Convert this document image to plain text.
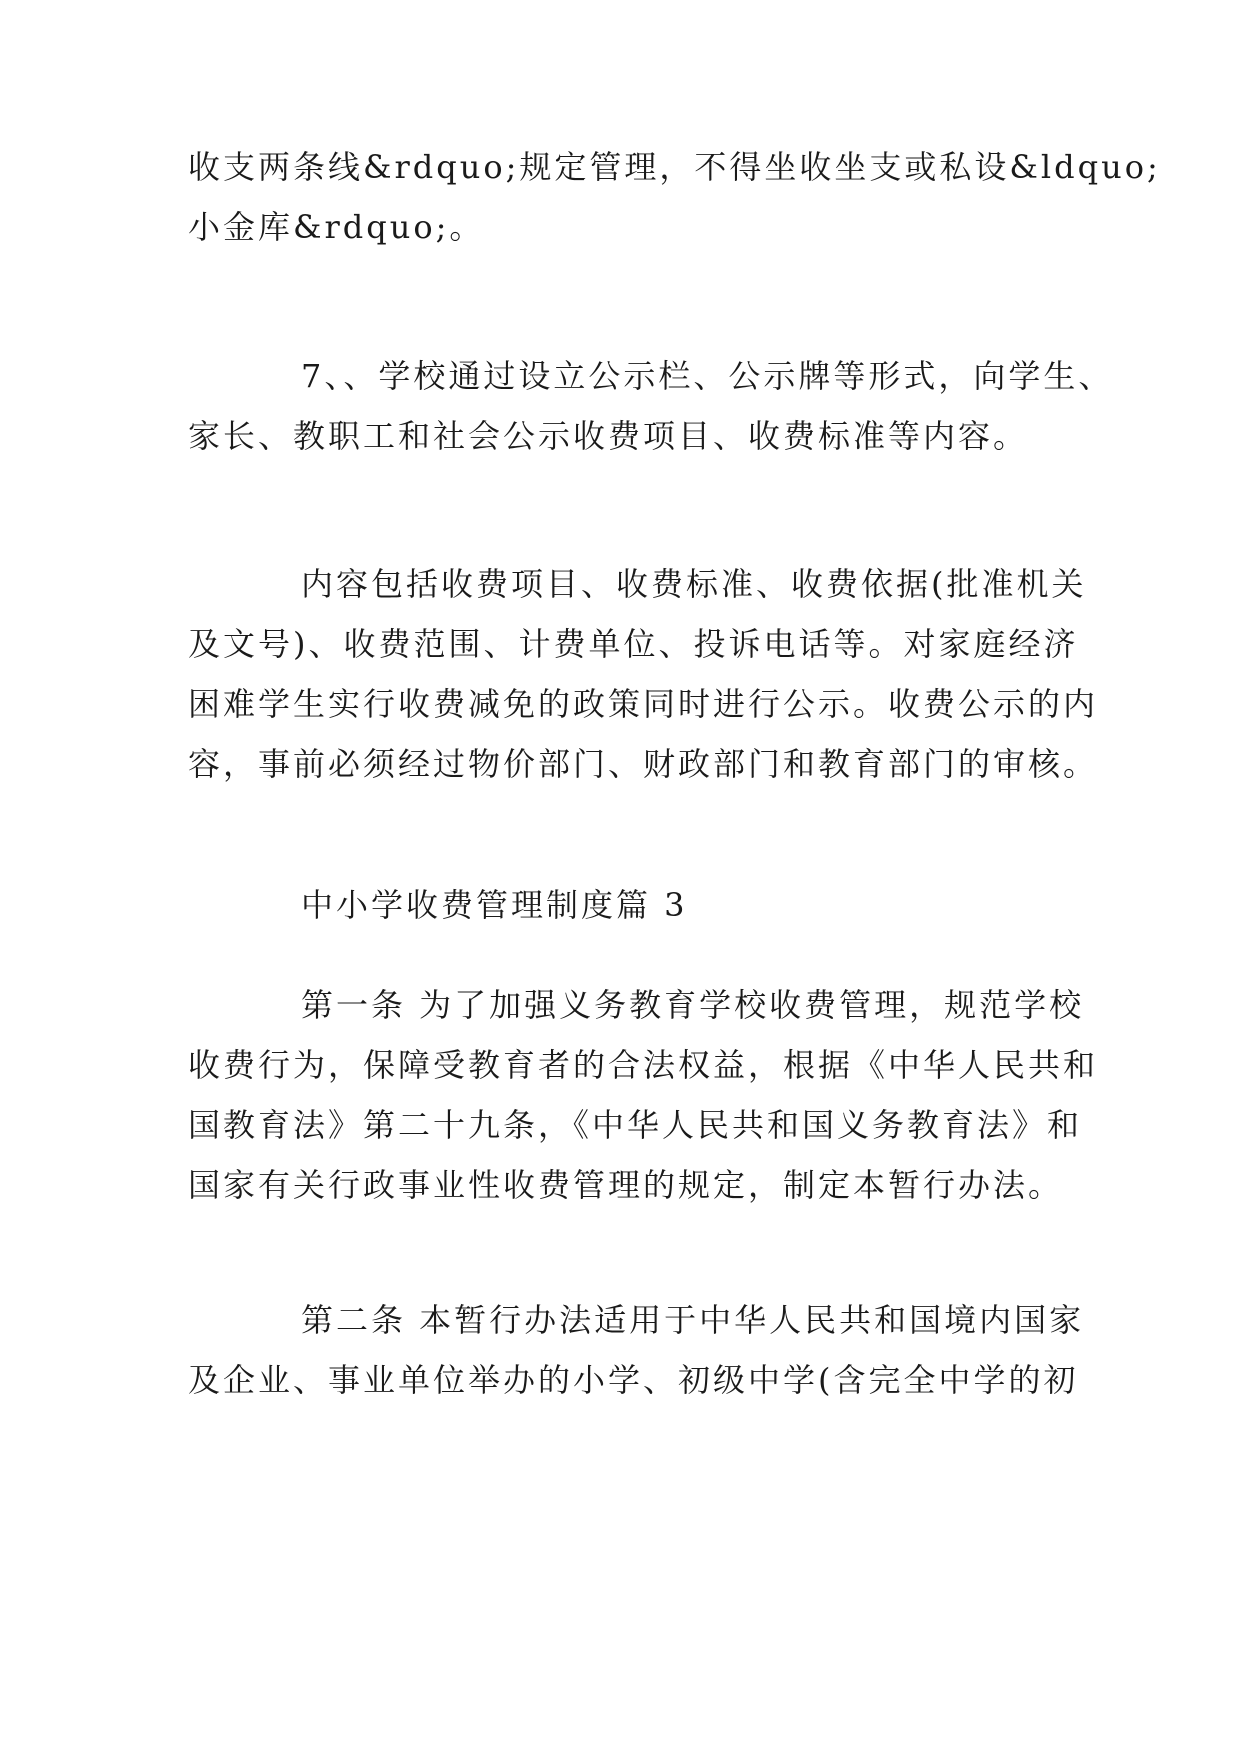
收支两条线&rdquo;规定管理，不得坐收坐支或私设&ldquo;
小金库&rdquo;。
7、、学校通过设立公示栏、公示牌等形式，向学生、
家长、教职工和社会公示收费项目、收费标准等内容。
内容包括收费项目、收费标准、收费依据(批准机关
及文号)、收费范围、计费单位、投诉电话等。对家庭经济
困难学生实行收费减免的政策同时进行公示。收费公示的内
容，事前必须经过物价部门、财政部门和教育部门的审核。
中小学收费管理制度篇 3
第一条 为了加强义务教育学校收费管理，规范学校
收费行为，保障受教育者的合法权益，根据《中华人民共和
国教育法》第二十九条，《中华人民共和国义务教育法》和
国家有关行政事业性收费管理的规定，制定本暂行办法。
第二条 本暂行办法适用于中华人民共和国境内国家
及企业、事业单位举办的小学、初级中学(含完全中学的初
